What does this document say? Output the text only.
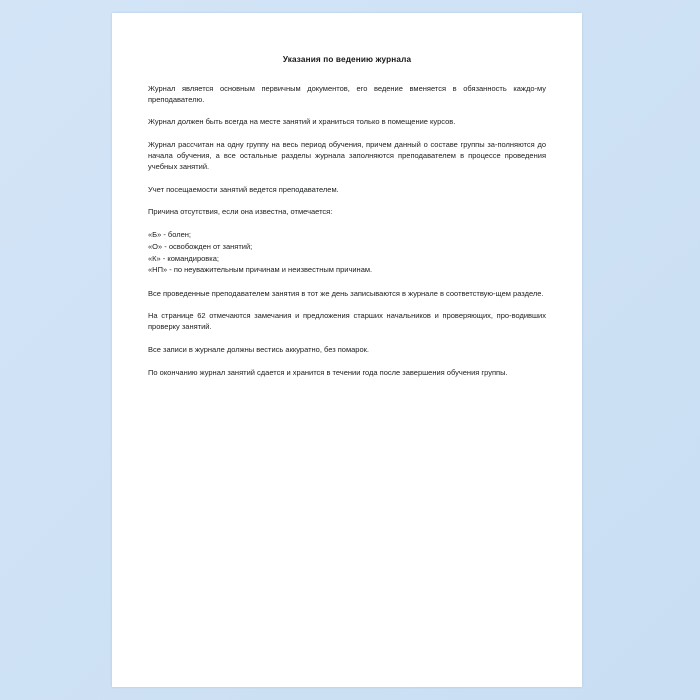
Указания по ведению журнала

Журнал является основным первичным документов, его ведение вменяется в обязанность каждо-му преподавателю.

Журнал должен быть всегда на месте занятий и храниться только в помещение курсов.

Журнал рассчитан на одну группу на весь период обучения, причем данный о составе группы за-полняются до начала обучения, а все остальные разделы журнала заполняются преподавателем в процессе проведения учебных занятий.

Учет посещаемости занятий ведется преподавателем.

Причина отсутствия, если она известна, отмечается:

«Б» - болен;
«О» - освобожден от занятий;
«К» - командировка;
«НП» - по неуважительным причинам и неизвестным причинам.

Все проведенные преподавателем занятия в тот же день записываются в журнале в соответствую-щем разделе.

На странице 62 отмечаются замечания и предложения старших начальников и проверяющих, про-водивших проверку занятий.

Все записи в журнале должны вестись аккуратно, без помарок.

По окончанию журнал занятий сдается и хранится в течении года после завершения обучения группы.
